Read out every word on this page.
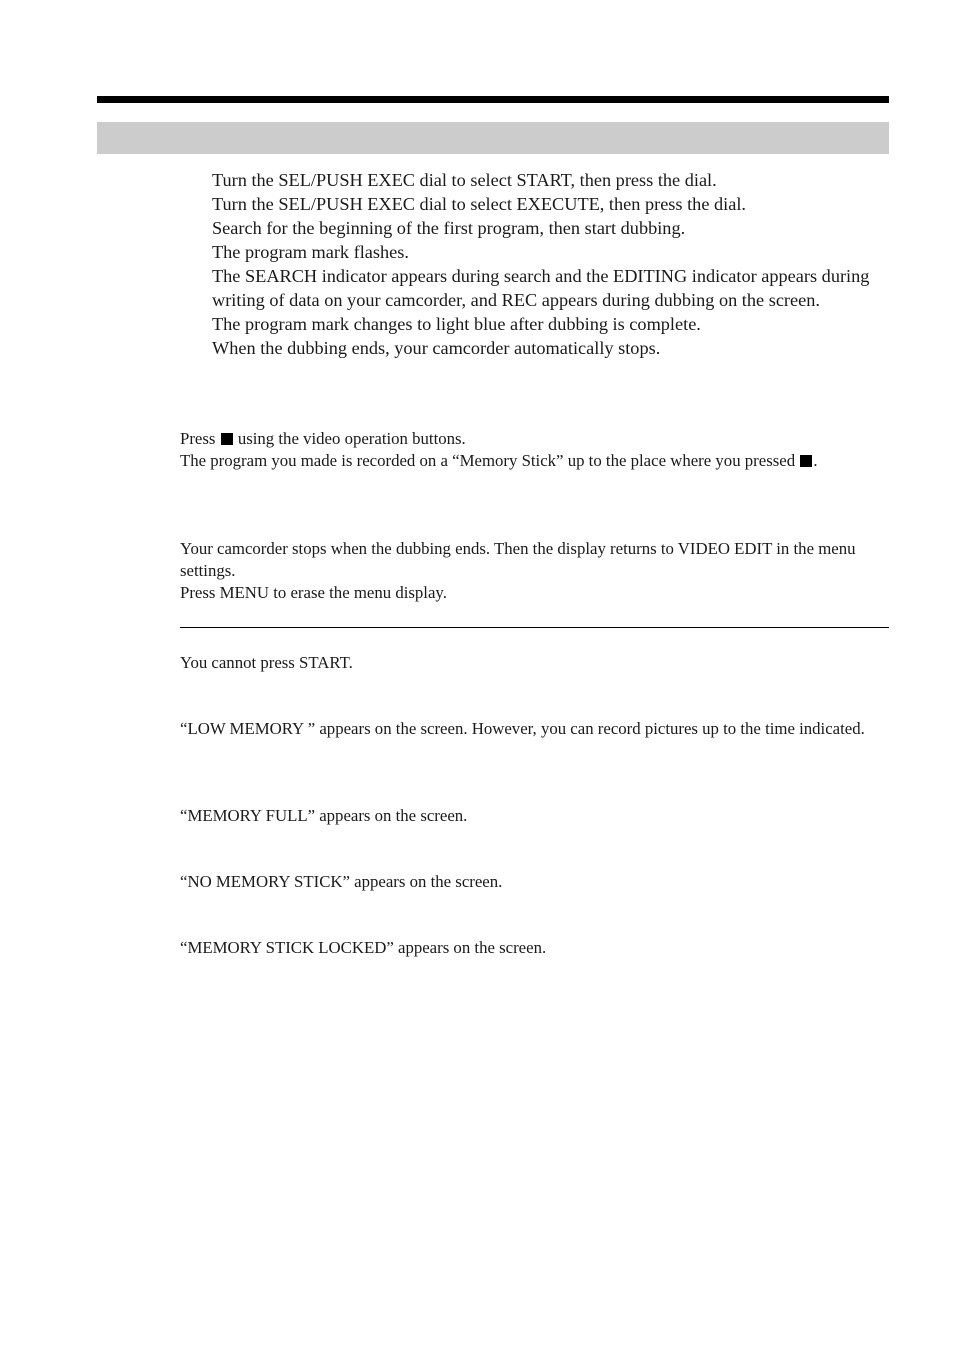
Turn the SEL/PUSH EXEC dial to select START, then press the dial.
Turn the SEL/PUSH EXEC dial to select EXECUTE, then press the dial.
Search for the beginning of the first program, then start dubbing.
The program mark flashes.
The SEARCH indicator appears during search and the EDITING indicator appears during writing of data on your camcorder, and REC appears during dubbing on the screen.
The program mark changes to light blue after dubbing is complete.
When the dubbing ends, your camcorder automatically stops.

Press  using the video operation buttons.

The program you made is recorded on a “Memory Stick” up to the place where you pressed .

Your camcorder stops when the dubbing ends. Then the display returns to VIDEO EDIT in the menu settings.

Press MENU to erase the menu display.

You cannot press START.

“LOW MEMORY ” appears on the screen. However, you can record pictures up to the time indicated.

“MEMORY FULL” appears on the screen.

“NO MEMORY STICK” appears on the screen.

“MEMORY STICK LOCKED” appears on the screen.
